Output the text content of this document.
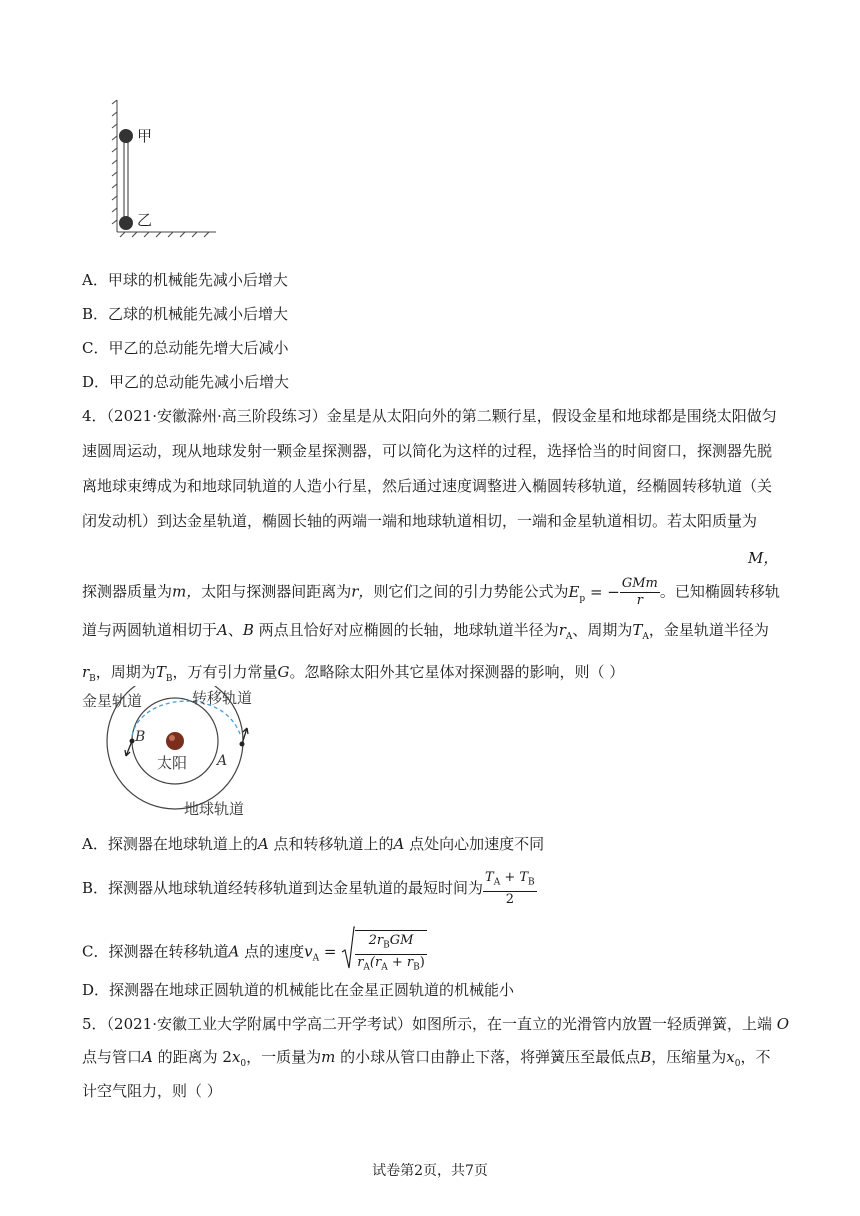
甲
乙
A．甲球的机械能先减小后增大
B．乙球的机械能先减小后增大
C．甲乙的总动能先增大后减小
D．甲乙的总动能先减小后增大
4．（2021·安徽滁州·高三阶段练习）金星是从太阳向外的第二颗行星，假设金星和地球都是围绕太阳做匀
速圆周运动，现从地球发射一颗金星探测器，可以简化为这样的过程，选择恰当的时间窗口，探测器先脱
离地球束缚成为和地球同轨道的人造小行星，然后通过速度调整进入椭圆转移轨道，经椭圆转移轨道（关
闭发动机）到达金星轨道，椭圆长轴的两端一端和地球轨道相切，一端和金星轨道相切。若太阳质量为
M，
探测器质量为m，太阳与探测器间距离为r，则它们之间的引力势能公式为$E_p$ = − $\frac{\text{GMm}}{r}$ 。已知椭圆转移轨
道与两圆轨道相切于A、B 两点且恰好对应椭圆的长轴，地球轨道半径为$r_A$、周期为$T_A$，金星轨道半径为
$r_B$，周期为$T_B$，万有引力常量G。忽略除太阳外其它星体对探测器的影响，则（ ）
金星轨道	转移轨道
太阳
地球轨道
B
A
A．探测器在地球轨道上的A 点和转移轨道上的A 点处向心加速度不同
B．探测器从地球轨道经转移轨道到达金星轨道的最短时间为 $\frac{T_A + T_B}{2}$
C．探测器在转移轨道A 点的速度$v_A = \frac{2r_BGM}{r_A(r_A + r_B)}$
D．探测器在地球正圆轨道的机械能比在金星正圆轨道的机械能小
5．（2021·安徽工业大学附属中学高二开学考试）如图所示，在一直立的光滑管内放置一轻质弹簧，上端 O
点与管口A 的距离为 $2x_0$，一质量为m 的小球从管口由静止下落，将弹簧压至最低点B，压缩量为$x_0$，不
计空气阻力，则（ ）
试卷第2页，共7页
